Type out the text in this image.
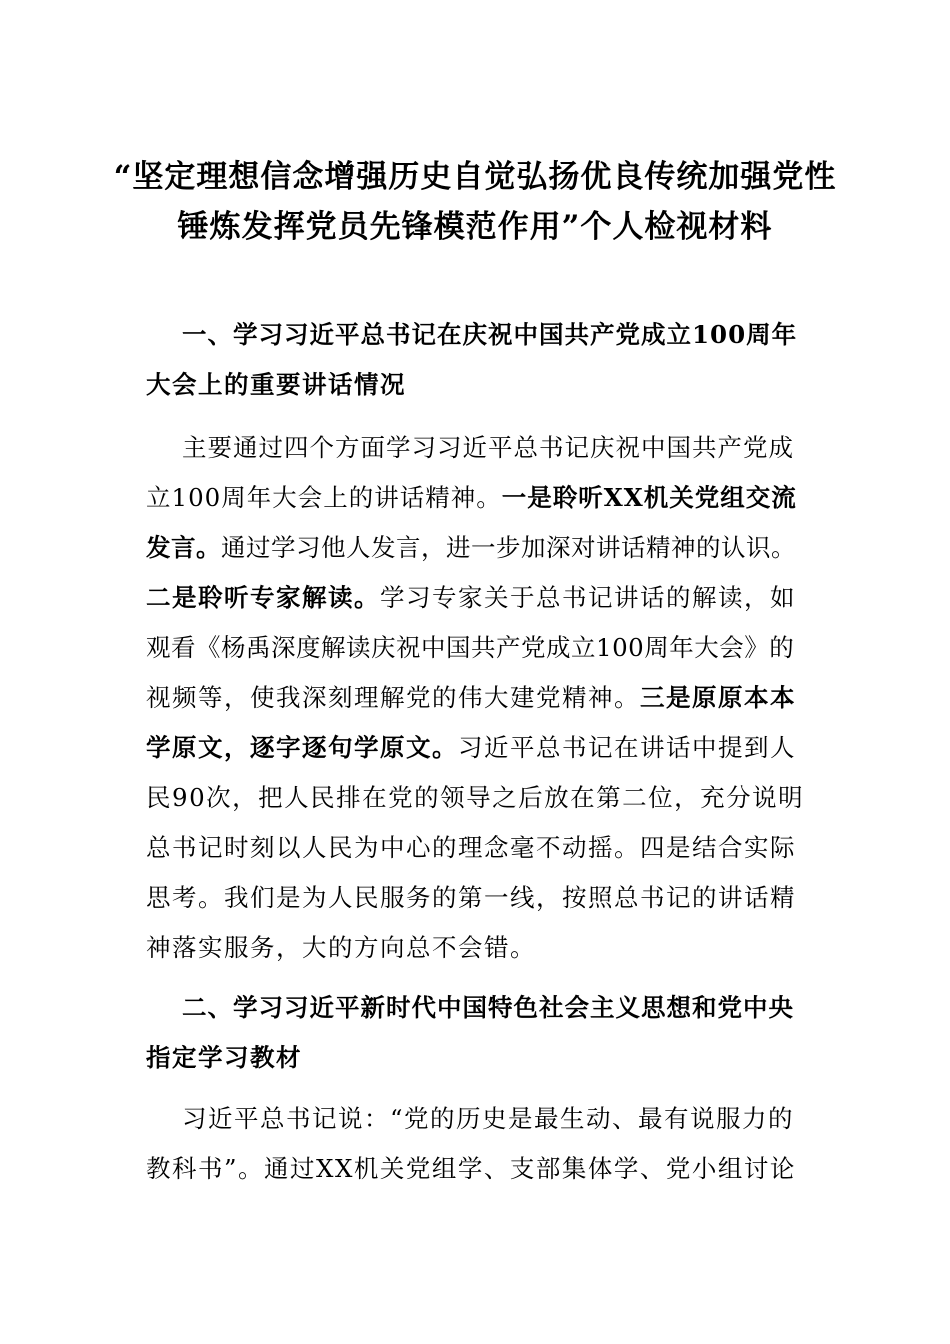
“坚定理想信念增强历史自觉弘扬优良传统加强党性
锤炼发挥党员先锋模范作用”个人检视材料
一、学习习近平总书记在庆祝中国共产党成立100周年
大会上的重要讲话情况
主要通过四个方面学习习近平总书记庆祝中国共产党成
立100周年大会上的讲话精神。一是聆听XX机关党组交流
发言。通过学习他人发言，进一步加深对讲话精神的认识。
二是聆听专家解读。学习专家关于总书记讲话的解读，如
观看《杨禹深度解读庆祝中国共产党成立100周年大会》的
视频等，使我深刻理解党的伟大建党精神。三是原原本本
学原文，逐字逐句学原文。习近平总书记在讲话中提到人
民90次，把人民排在党的领导之后放在第二位，充分说明
总书记时刻以人民为中心的理念毫不动摇。四是结合实际
思考。我们是为人民服务的第一线，按照总书记的讲话精
神落实服务，大的方向总不会错。
二、学习习近平新时代中国特色社会主义思想和党中央
指定学习教材
习近平总书记说：“党的历史是最生动、最有说服力的
教科书”。通过XX机关党组学、支部集体学、党小组讨论
